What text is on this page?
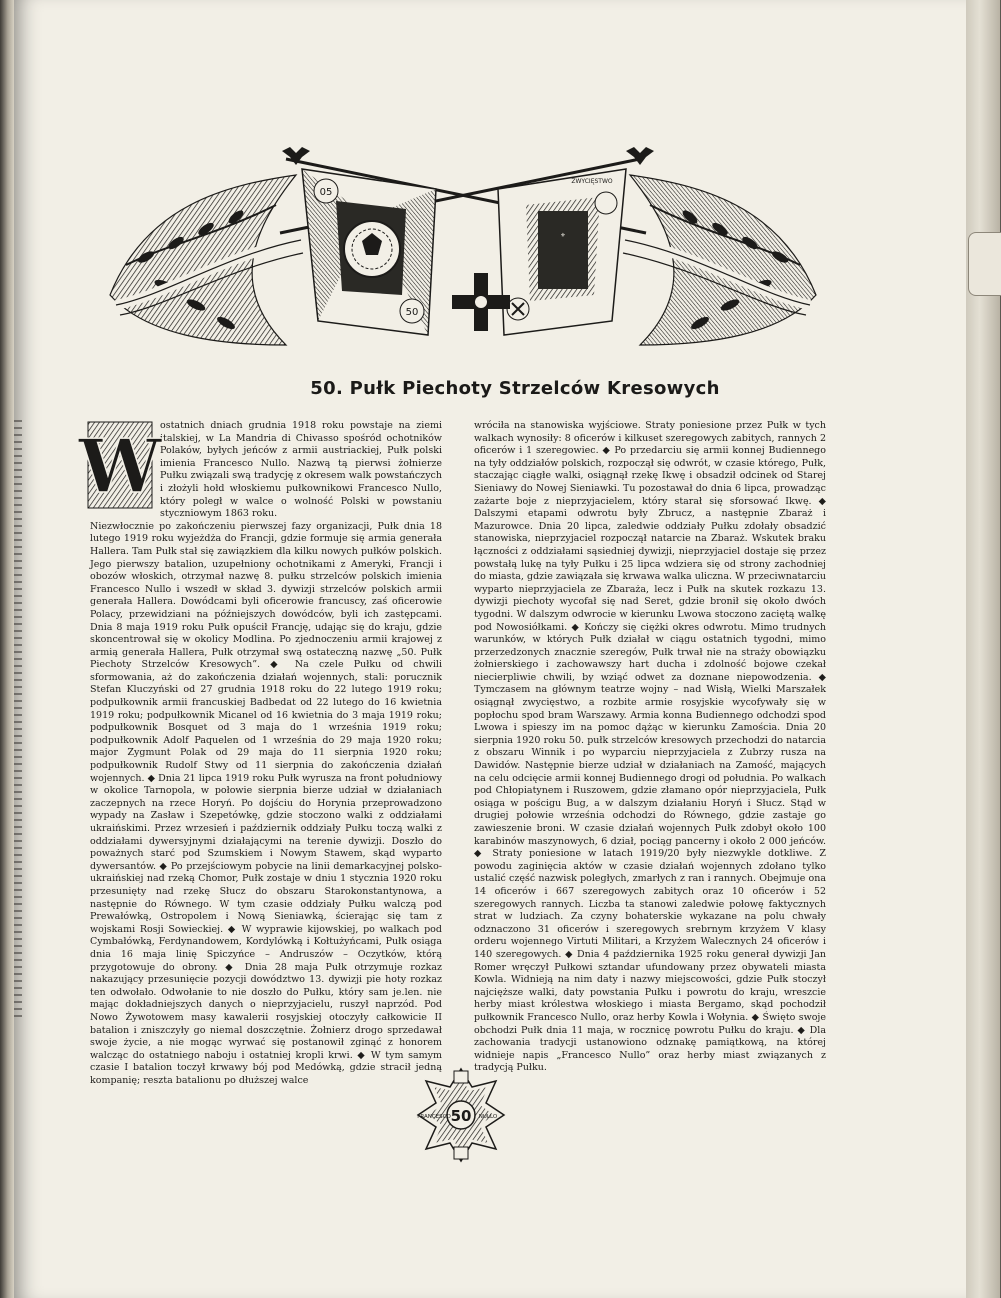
05
50
⚜
ZWYCIĘSTWO
50. Pułk Piechoty Strzelców Kresowych
W

ostatnich dniach grudnia 1918 roku powstaje na ziemi italskiej, w La Mandria di Chivasso spośród ochotników Polaków, byłych jeńców z armii austriackiej, Pułk polski imienia Francesco Nullo. Nazwą tą pierwsi żołnierze Pułku związali swą tradycję z okresem walk powstańczych i złożyli hołd włoskiemu pułkownikowi Francesco Nullo, który poległ w walce o wolność Polski w powstaniu styczniowym 1863 roku.

Niezwłocznie po zakończeniu pierwszej fazy organizacji, Pułk dnia 18 lutego 1919 roku wyjeżdża do Francji, gdzie formuje się armia generała Hallera. Tam Pułk stał się zawiązkiem dla kilku nowych pułków polskich. Jego pierwszy batalion, uzupełniony ochotnikami z Ameryki, Francji i obozów włoskich, otrzymał nazwę 8. pułku strzelców polskich imienia Francesco Nullo i wszedł w skład 3. dywizji strzelców polskich armii generała Hallera. Dowódcami byli oficerowie francuscy, zaś oficerowie Polacy, przewidziani na późniejszych dowódców, byli ich zastępcami. Dnia 8 maja 1919 roku Pułk opuścił Francję, udając się do kraju, gdzie skoncentrował się w okolicy Modlina. Po zjednoczeniu armii krajowej z armią generała Hallera, Pułk otrzymał swą ostateczną nazwę „50. Pułk Piechoty Strzelców Kresowych”. ◆ Na czele Pułku od chwili sformowania, aż do zakończenia działań wojennych, stali: porucznik Stefan Kluczyński od 27 grudnia 1918 roku do 22 lutego 1919 roku; podpułkownik armii francuskiej Badbedat od 22 lutego do 16 kwietnia 1919 roku; podpułkownik Micanel od 16 kwietnia do 3 maja 1919 roku; podpułkownik Bosquet od 3 maja do 1 września 1919 roku; podpułkownik Adolf Paquelen od 1 września do 29 maja 1920 roku; major Zygmunt Polak od 29 maja do 11 sierpnia 1920 roku; podpułkownik Rudolf Stwy od 11 sierpnia do zakończenia działań wojennych. ◆ Dnia 21 lipca 1919 roku Pułk wyrusza na front południowy w okolice Tarnopola, w połowie sierpnia bierze udział w działaniach zaczepnych na rzece Horyń. Po dojściu do Horynia przeprowadzono wypady na Zasław i Szepetówkę, gdzie stoczono walki z oddziałami ukraińskimi. Przez wrzesień i październik oddziały Pułku toczą walki z oddziałami dywersyjnymi działającymi na terenie dywizji. Doszło do poważnych starć pod Szumskiem i Nowym Stawem, skąd wyparto dywersantów. ◆ Po przejściowym pobycie na linii demarkacyjnej polsko-ukraińskiej nad rzeką Chomor, Pułk zostaje w dniu 1 stycznia 1920 roku przesunięty nad rzekę Słucz do obszaru Starokonstantynowa, a następnie do Równego. W tym czasie oddziały Pułku walczą pod Prewałówką, Ostropolem i Nową Sieniawką, ścierając się tam z wojskami Rosji Sowieckiej. ◆ W wyprawie kijowskiej, po walkach pod Cymbałówką, Ferdynandowem, Kordylówką i Kołtużyńcami, Pułk osiąga dnia 16 maja linię Spiczyńce – Andruszów – Oczytków, którą przygotowuje do obrony. ◆ Dnia 28 maja Pułk otrzymuje rozkaz nakazujący przesunięcie pozycji dowództwo 13. dywizji pie hoty rozkaz ten odwołało. Odwołanie to nie doszło do Pułku, który sam je.len. nie mając dokładniejszych danych o nieprzyjacielu, ruszył naprzód. Pod Nowo Żywotowem masy kawalerii rosyjskiej otoczyły całkowicie II batalion i zniszczyły go niemal doszczętnie. Żołnierz drogo sprzedawał swoje życie, a nie mogąc wyrwać się postanowił zginąć z honorem walcząc do ostatniego naboju i ostatniej kropli krwi. ◆ W tym samym czasie I batalion toczył krwawy bój pod Medówką, gdzie stracił jedną kompanię; reszta batalionu po dłuższej walce

wróciła na stanowiska wyjściowe. Straty poniesione przez Pułk w tych walkach wynosiły: 8 oficerów i kilkuset szeregowych zabitych, rannych 2 oficerów i 1 szeregowiec. ◆ Po przedarciu się armii konnej Budiennego na tyły oddziałów polskich, rozpoczął się odwrót, w czasie którego, Pułk, staczając ciągłe walki, osiągnął rzekę Ikwę i obsadził odcinek od Starej Sieniawy do Nowej Sieniawki. Tu pozostawał do dnia 6 lipca, prowadząc zażarte boje z nieprzyjacielem, który starał się sforsować Ikwę. ◆ Dalszymi etapami odwrotu były Zbrucz, a następnie Zbaraż i Mazurowce. Dnia 20 lipca, zaledwie oddziały Pułku zdołały obsadzić stanowiska, nieprzyjaciel rozpoczął natarcie na Zbaraż. Wskutek braku łączności z oddziałami sąsiedniej dywizji, nieprzyjaciel dostaje się przez powstałą lukę na tyły Pułku i 25 lipca wdziera się od strony zachodniej do miasta, gdzie zawiązała się krwawa walka uliczna. W przeciwnatarciu wyparto nieprzyjaciela ze Zbaraża, lecz i Pułk na skutek rozkazu 13. dywizji piechoty wycofał się nad Seret, gdzie bronił się około dwóch tygodni. W dalszym odwrocie w kierunku Lwowa stoczono zaciętą walkę pod Nowosiółkami. ◆ Kończy się ciężki okres odwrotu. Mimo trudnych warunków, w których Pułk działał w ciągu ostatnich tygodni, mimo przerzedzonych znacznie szeregów, Pułk trwał nie na straży obowiązku żołnierskiego i zachowawszy hart ducha i zdolność bojowe czekał niecierpliwie chwili, by wziąć odwet za doznane niepowodzenia. ◆ Tymczasem na głównym teatrze wojny – nad Wisłą, Wielki Marszałek osiągnął zwycięstwo, a rozbite armie rosyjskie wycofywały się w popłochu spod bram Warszawy. Armia konna Budiennego odchodzi spod Lwowa i spieszy im na pomoc dążąc w kierunku Zamościa. Dnia 20 sierpnia 1920 roku 50. pułk strzelców kresowych przechodzi do natarcia z obszaru Winnik i po wyparciu nieprzyjaciela z Zubrzy rusza na Dawidów. Następnie bierze udział w działaniach na Zamość, mających na celu odcięcie armii konnej Budiennego drogi od południa. Po walkach pod Chłopiatynem i Ruszowem, gdzie złamano opór nieprzyjaciela, Pułk osiąga w pościgu Bug, a w dalszym działaniu Horyń i Słucz. Stąd w drugiej połowie września odchodzi do Równego, gdzie zastaje go zawieszenie broni. W czasie działań wojennych Pułk zdobył około 100 karabinów maszynowych, 6 dział, pociąg pancerny i około 2 000 jeńców. ◆ Straty poniesione w latach 1919/20 były niezwykle dotkliwe. Z powodu zaginięcia aktów w czasie działań wojennych zdołano tylko ustalić część nazwisk poległych, zmarłych z ran i rannych. Obejmuje ona 14 oficerów i 667 szeregowych zabitych oraz 10 oficerów i 52 szeregowych rannych. Liczba ta stanowi zaledwie połowę faktycznych strat w ludziach. Za czyny bohaterskie wykazane na polu chwały odznaczono 31 oficerów i szeregowych srebrnym krzyżem V klasy orderu wojennego Virtuti Militari, a Krzyżem Walecznych 24 oficerów i 140 szeregowych. ◆ Dnia 4 października 1925 roku generał dywizji Jan Romer wręczył Pułkowi sztandar ufundowany przez obywateli miasta Kowla. Widnieją na nim daty i nazwy miejscowości, gdzie Pułk stoczył najcięższe walki, daty powstania Pułku i powrotu do kraju, wreszcie herby miast królestwa włoskiego i miasta Bergamo, skąd pochodził pułkownik Francesco Nullo, oraz herby Kowla i Wołynia. ◆ Święto swoje obchodzi Pułk dnia 11 maja, w rocznicę powrotu Pułku do kraju. ◆ Dla zachowania tradycji ustanowiono odznakę pamiątkową, na której widnieje napis „Francesco Nullo” oraz herby miast związanych z tradycją Pułku.

50
FRANCESCO	NULLO
